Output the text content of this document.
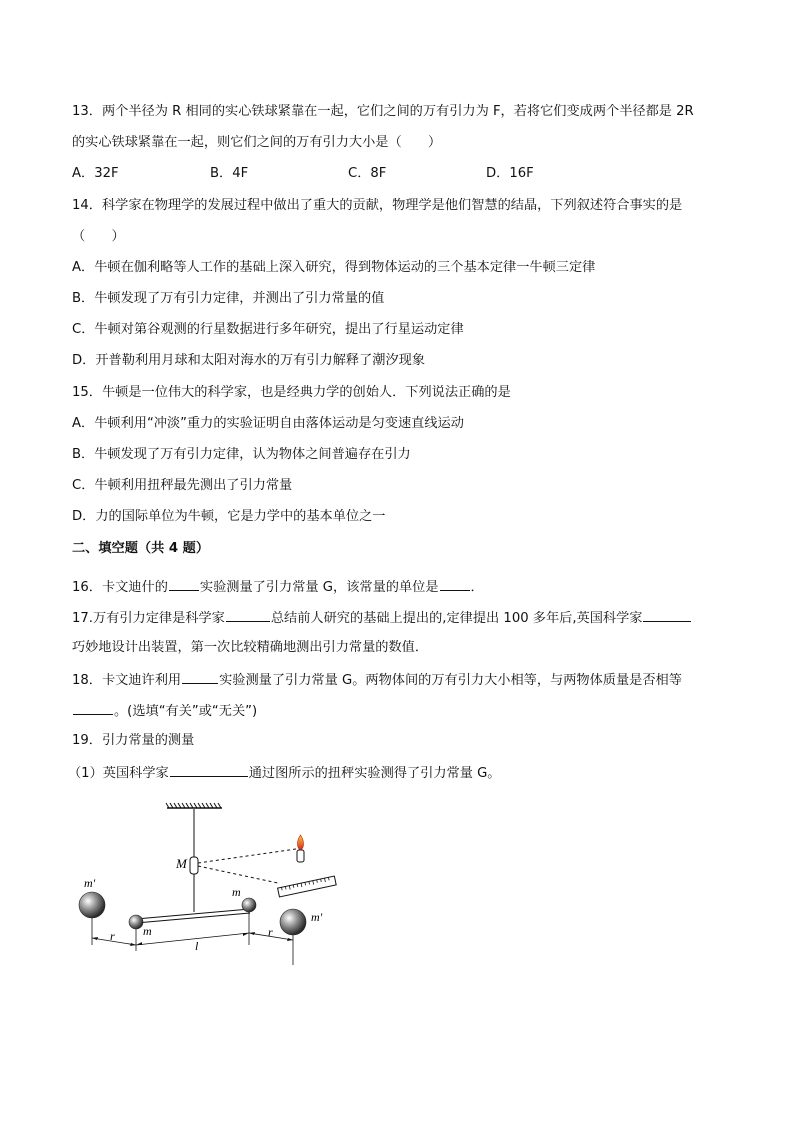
13．两个半径为 R 相同的实心铁球紧靠在一起，它们之间的万有引力为 F，若将它们变成两个半径都是 2R
的实心铁球紧靠在一起，则它们之间的万有引力大小是（　　）
A．32F	B．4F	C．8F	D．16F
14．科学家在物理学的发展过程中做出了重大的贡献，物理学是他们智慧的结晶，下列叙述符合事实的是
（　　）
A．牛顿在伽利略等人工作的基础上深入研究，得到物体运动的三个基本定律一牛顿三定律
B．牛顿发现了万有引力定律，并测出了引力常量的值
C．牛顿对第谷观测的行星数据进行多年研究，提出了行星运动定律
D．开普勒利用月球和太阳对海水的万有引力解释了潮汐现象
15．牛顿是一位伟大的科学家，也是经典力学的创始人．下列说法正确的是
A．牛顿利用“冲淡”重力的实验证明自由落体运动是匀变速直线运动
B．牛顿发现了万有引力定律，认为物体之间普遍存在引力
C．牛顿利用扭秤最先测出了引力常量
D．力的国际单位为牛顿，它是力学中的基本单位之一
二、填空题（共 4 题）
16．卡文迪什的 实验测量了引力常量 G，该常量的单位是 ．
17.万有引力定律是科学家	总结前人研究的基础上提出的,定律提出 100 多年后,英国科学家
巧妙地设计出装置，第一次比较精确地测出引力常量的数值．
18．卡文迪许利用	实验测量了引力常量 G。两物体间的万有引力大小相等，与两物体质量是否相等
。(选填“有关”或“无关”)
19．引力常量的测量
（1）英国科学家	通过图所示的扭秤实验测得了引力常量 G。
M
m
m
m′
m′
r
l
r
